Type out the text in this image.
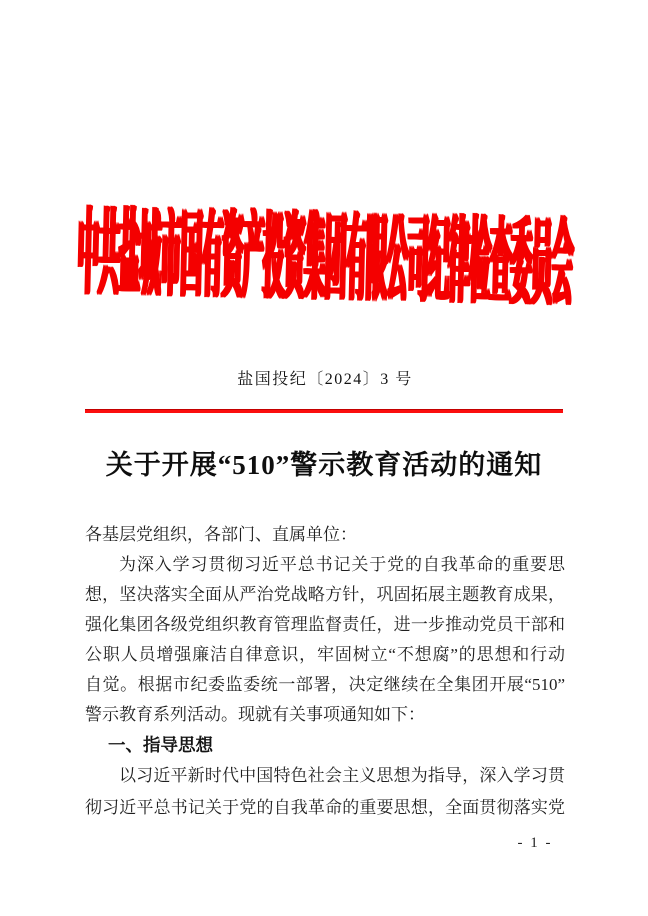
中共盐城市国有资产投资集团有限公司纪律检查委员会
盐国投纪〔2024〕3 号
关于开展“510”警示教育活动的通知
各基层党组织，各部门、直属单位：
为深入学习贯彻习近平总书记关于党的自我革命的重要思
想，坚决落实全面从严治党战略方针，巩固拓展主题教育成果，
强化集团各级党组织教育管理监督责任，进一步推动党员干部和
公职人员增强廉洁自律意识，牢固树立“不想腐”的思想和行动
自觉。根据市纪委监委统一部署，决定继续在全集团开展“510”
警示教育系列活动。现就有关事项通知如下：
一、指导思想
以习近平新时代中国特色社会主义思想为指导，深入学习贯
彻习近平总书记关于党的自我革命的重要思想，全面贯彻落实党
- 1 -
